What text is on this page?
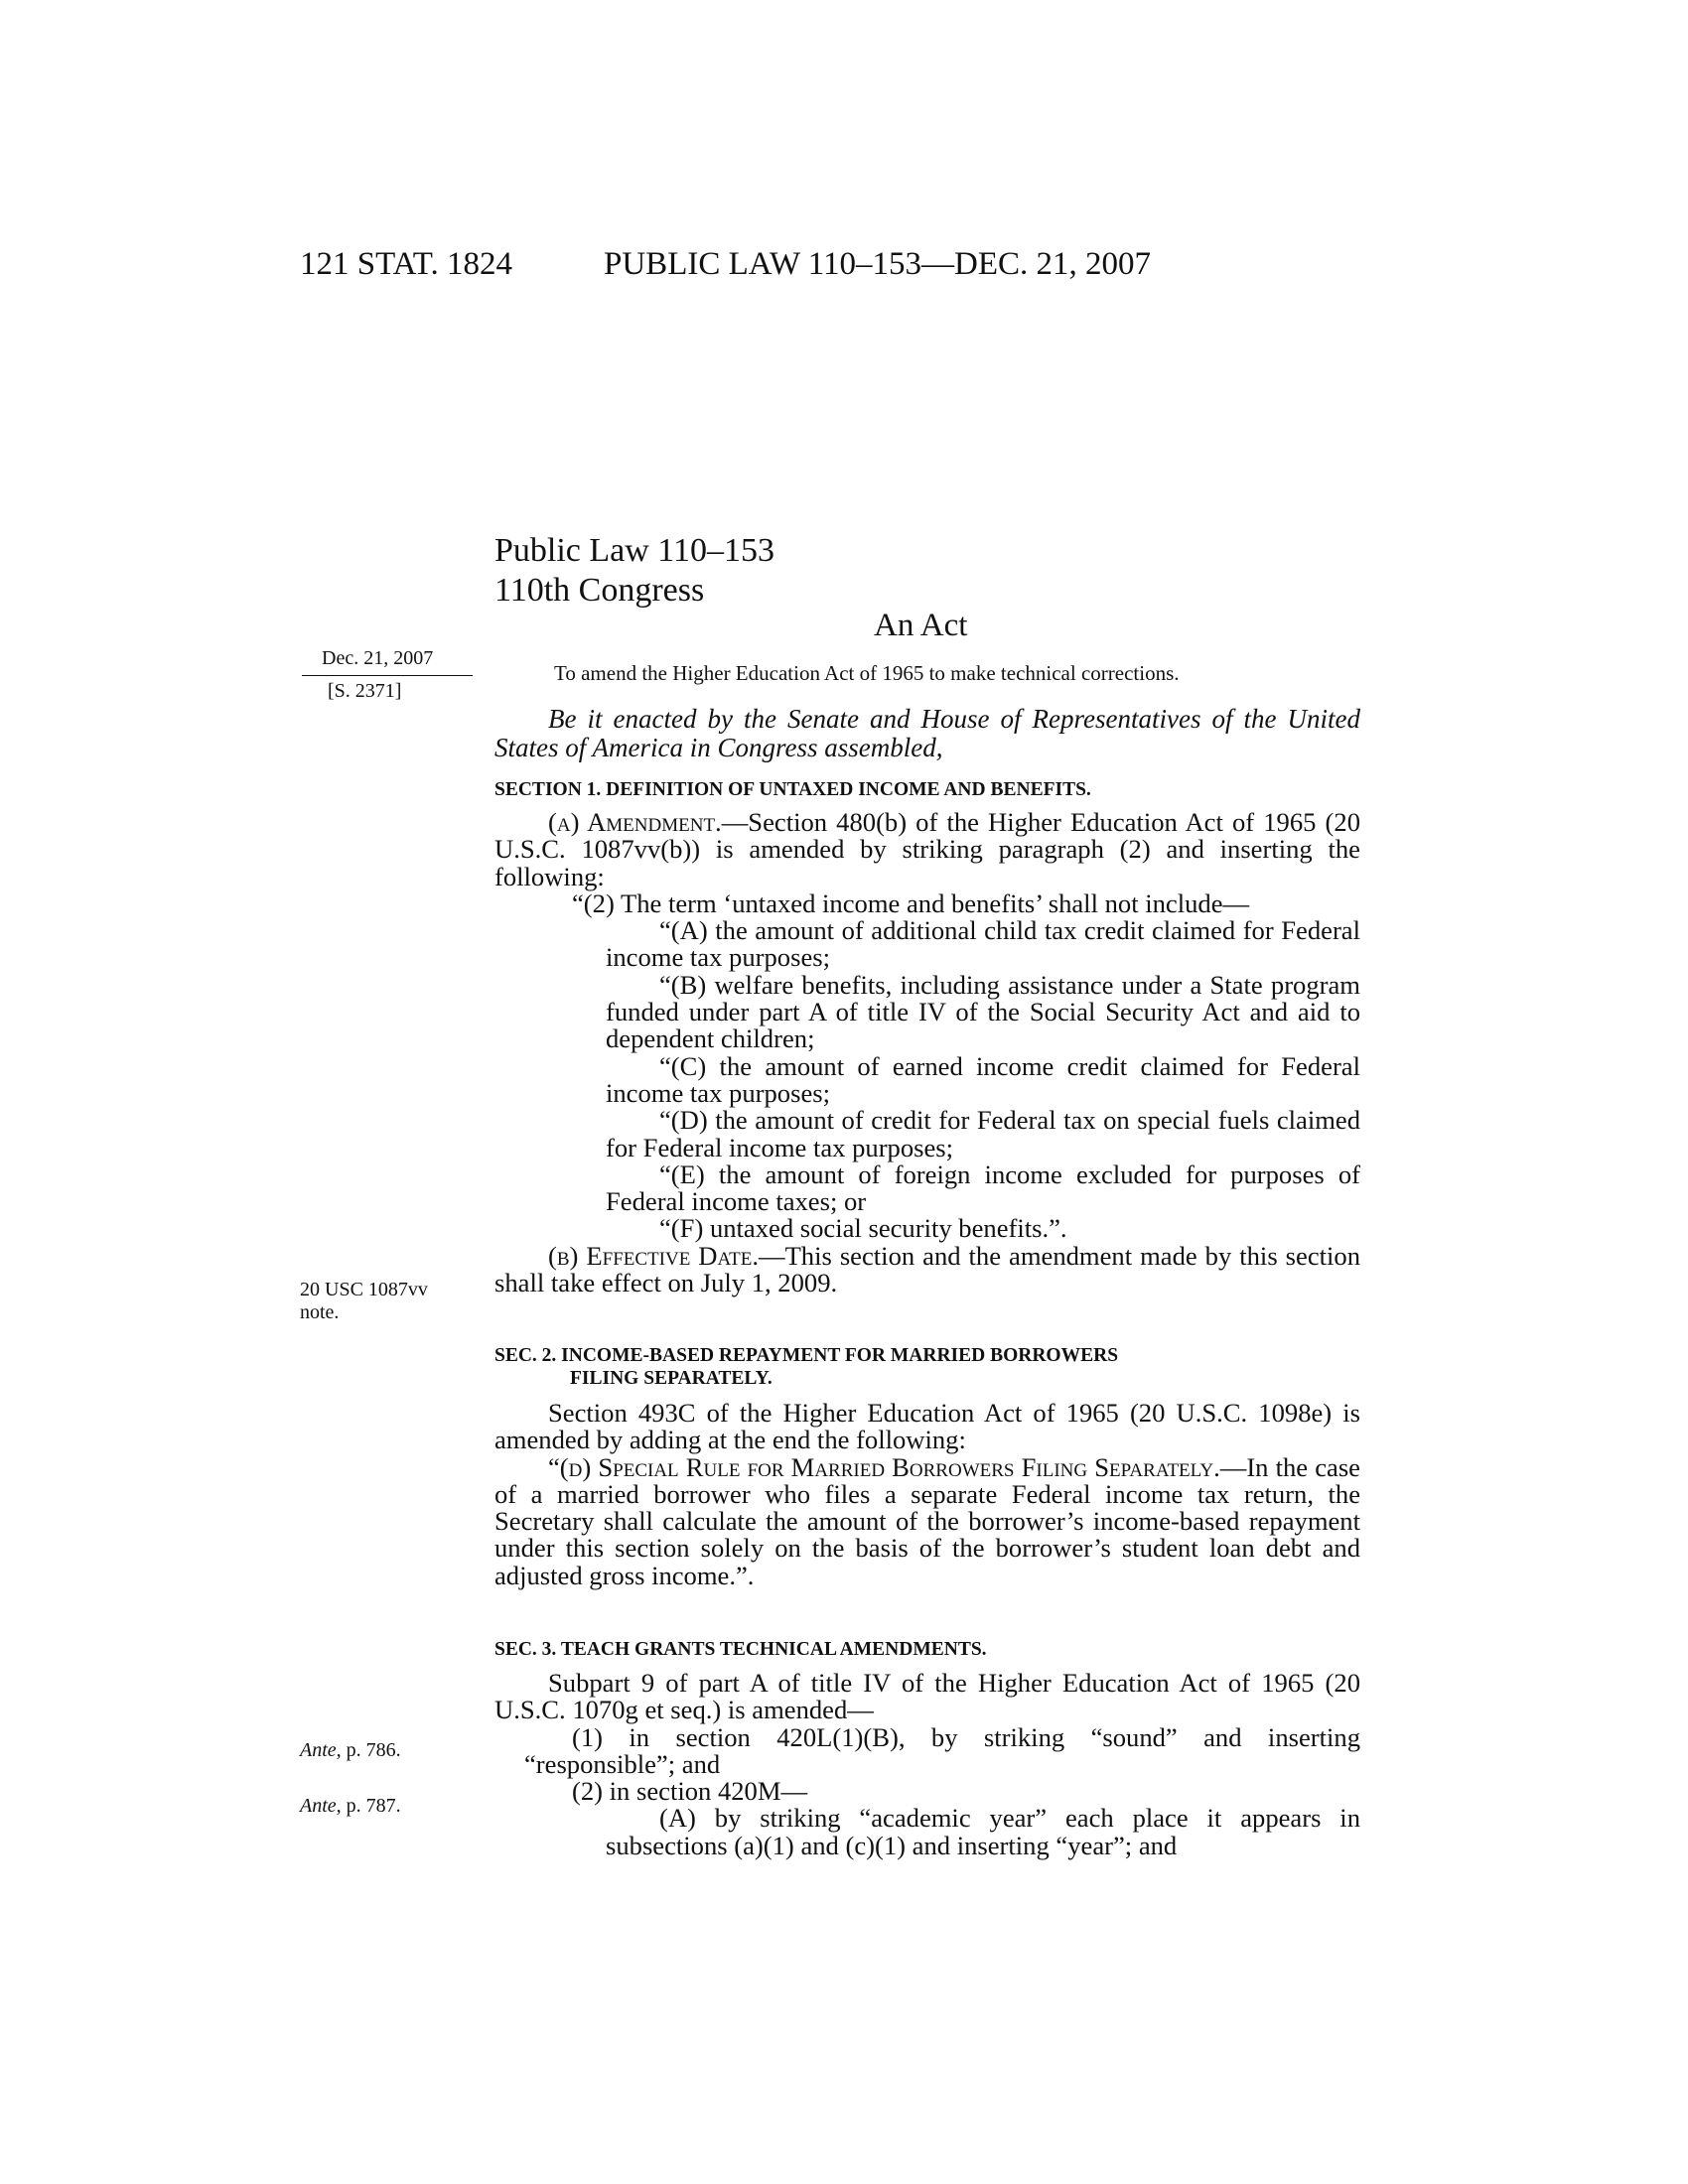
121 STAT. 1824	PUBLIC LAW 110–153—DEC. 21, 2007
Public Law 110–153
110th Congress
An Act
Dec. 21, 2007
[S. 2371]
20 USC 1087vv note.
Ante, p. 786.
Ante, p. 787.
To amend the Higher Education Act of 1965 to make technical corrections.

Be it enacted by the Senate and House of Representatives of the United States of America in Congress assembled,

SECTION 1. DEFINITION OF UNTAXED INCOME AND BENEFITS.

(a) Amendment.—Section 480(b) of the Higher Education Act of 1965 (20 U.S.C. 1087vv(b)) is amended by striking paragraph (2) and inserting the following:

“(2) The term ‘untaxed income and benefits’ shall not include—

“(A) the amount of additional child tax credit claimed for Federal income tax purposes;

“(B) welfare benefits, including assistance under a State program funded under part A of title IV of the Social Security Act and aid to dependent children;

“(C) the amount of earned income credit claimed for Federal income tax purposes;

“(D) the amount of credit for Federal tax on special fuels claimed for Federal income tax purposes;

“(E) the amount of foreign income excluded for purposes of Federal income taxes; or

“(F) untaxed social security benefits.”.

(b) Effective Date.—This section and the amendment made by this section shall take effect on July 1, 2009.

SEC. 2. INCOME-BASED REPAYMENT FOR MARRIED BORROWERS

FILING SEPARATELY.

Section 493C of the Higher Education Act of 1965 (20 U.S.C. 1098e) is amended by adding at the end the following:

“(d) Special Rule for Married Borrowers Filing Separately.—In the case of a married borrower who files a separate Federal income tax return, the Secretary shall calculate the amount of the borrower’s income-based repayment under this section solely on the basis of the borrower’s student loan debt and adjusted gross income.”.

SEC. 3. TEACH GRANTS TECHNICAL AMENDMENTS.

Subpart 9 of part A of title IV of the Higher Education Act of 1965 (20 U.S.C. 1070g et seq.) is amended—

(1) in section 420L(1)(B), by striking “sound” and inserting “responsible”; and

(2) in section 420M—

(A) by striking “academic year” each place it appears in subsections (a)(1) and (c)(1) and inserting “year”; and
